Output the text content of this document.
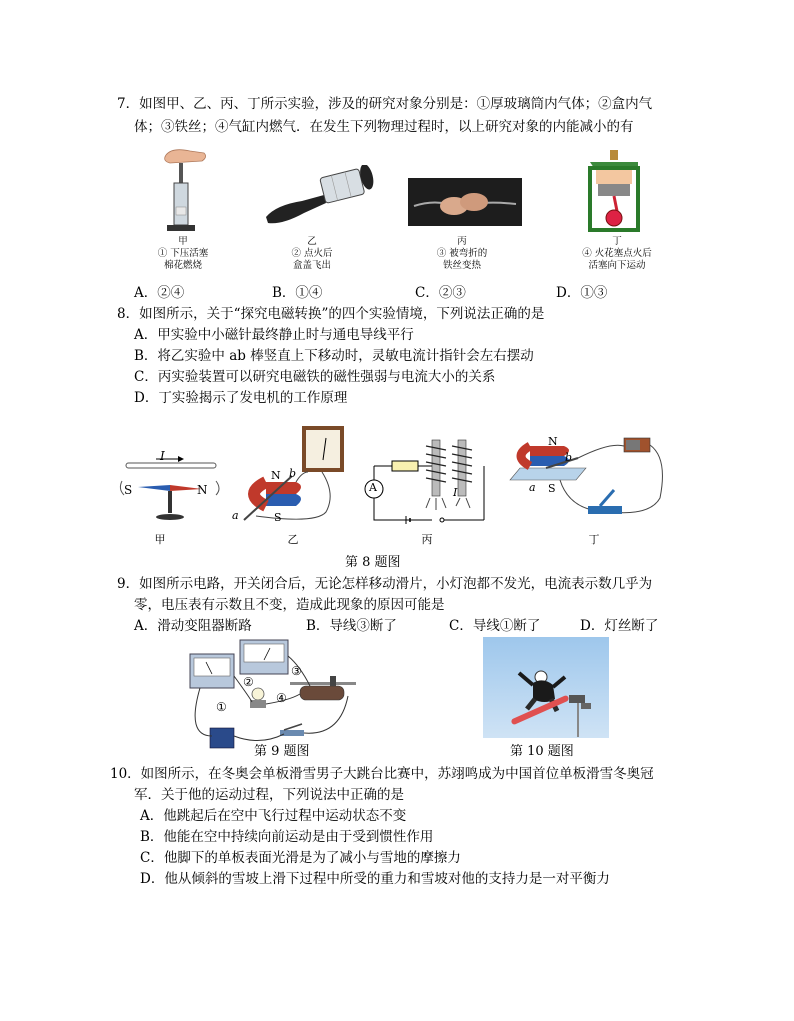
7．如图甲、乙、丙、丁所示实验，涉及的研究对象分别是：①厚玻璃筒内气体；②盒内气
体；③铁丝；④气缸内燃气．在发生下列物理过程时，以上研究对象的内能减小的有
甲
① 下压活塞
棉花燃烧
乙
② 点火后
盒盖飞出
丙
③ 被弯折的
铁丝变热
丁
④ 火花塞点火后
活塞向下运动
A．②④	B．①④	C．②③	D．①③
8．如图所示，关于“探究电磁转换”的四个实验情境，下列说法正确的是
A．甲实验中小磁针最终静止时与通电导线平行
B．将乙实验中 ab 棒竖直上下移动时，灵敏电流计指针会左右摆动
C．丙实验装置可以研究电磁铁的磁性强弱与电流大小的关系
D．丁实验揭示了发电机的工作原理
I
S	N
甲
N b
S
a
乙
A	I
丙
N
b
a S
丁
第 8 题图
9．如图所示电路，开关闭合后，无论怎样移动滑片，小灯泡都不发光，电流表示数几乎为
零，电压表有示数且不变，造成此现象的原因可能是
A．滑动变阻器断路	B．导线③断了	C．导线①断了	D．灯丝断了
①
②
③
④
第 9 题图	第 10 题图
10．如图所示，在冬奥会单板滑雪男子大跳台比赛中，苏翊鸣成为中国首位单板滑雪冬奥冠
军．关于他的运动过程，下列说法中正确的是
A．他跳起后在空中飞行过程中运动状态不变
B．他能在空中持续向前运动是由于受到惯性作用
C．他脚下的单板表面光滑是为了减小与雪地的摩擦力
D．他从倾斜的雪坡上滑下过程中所受的重力和雪坡对他的支持力是一对平衡力
